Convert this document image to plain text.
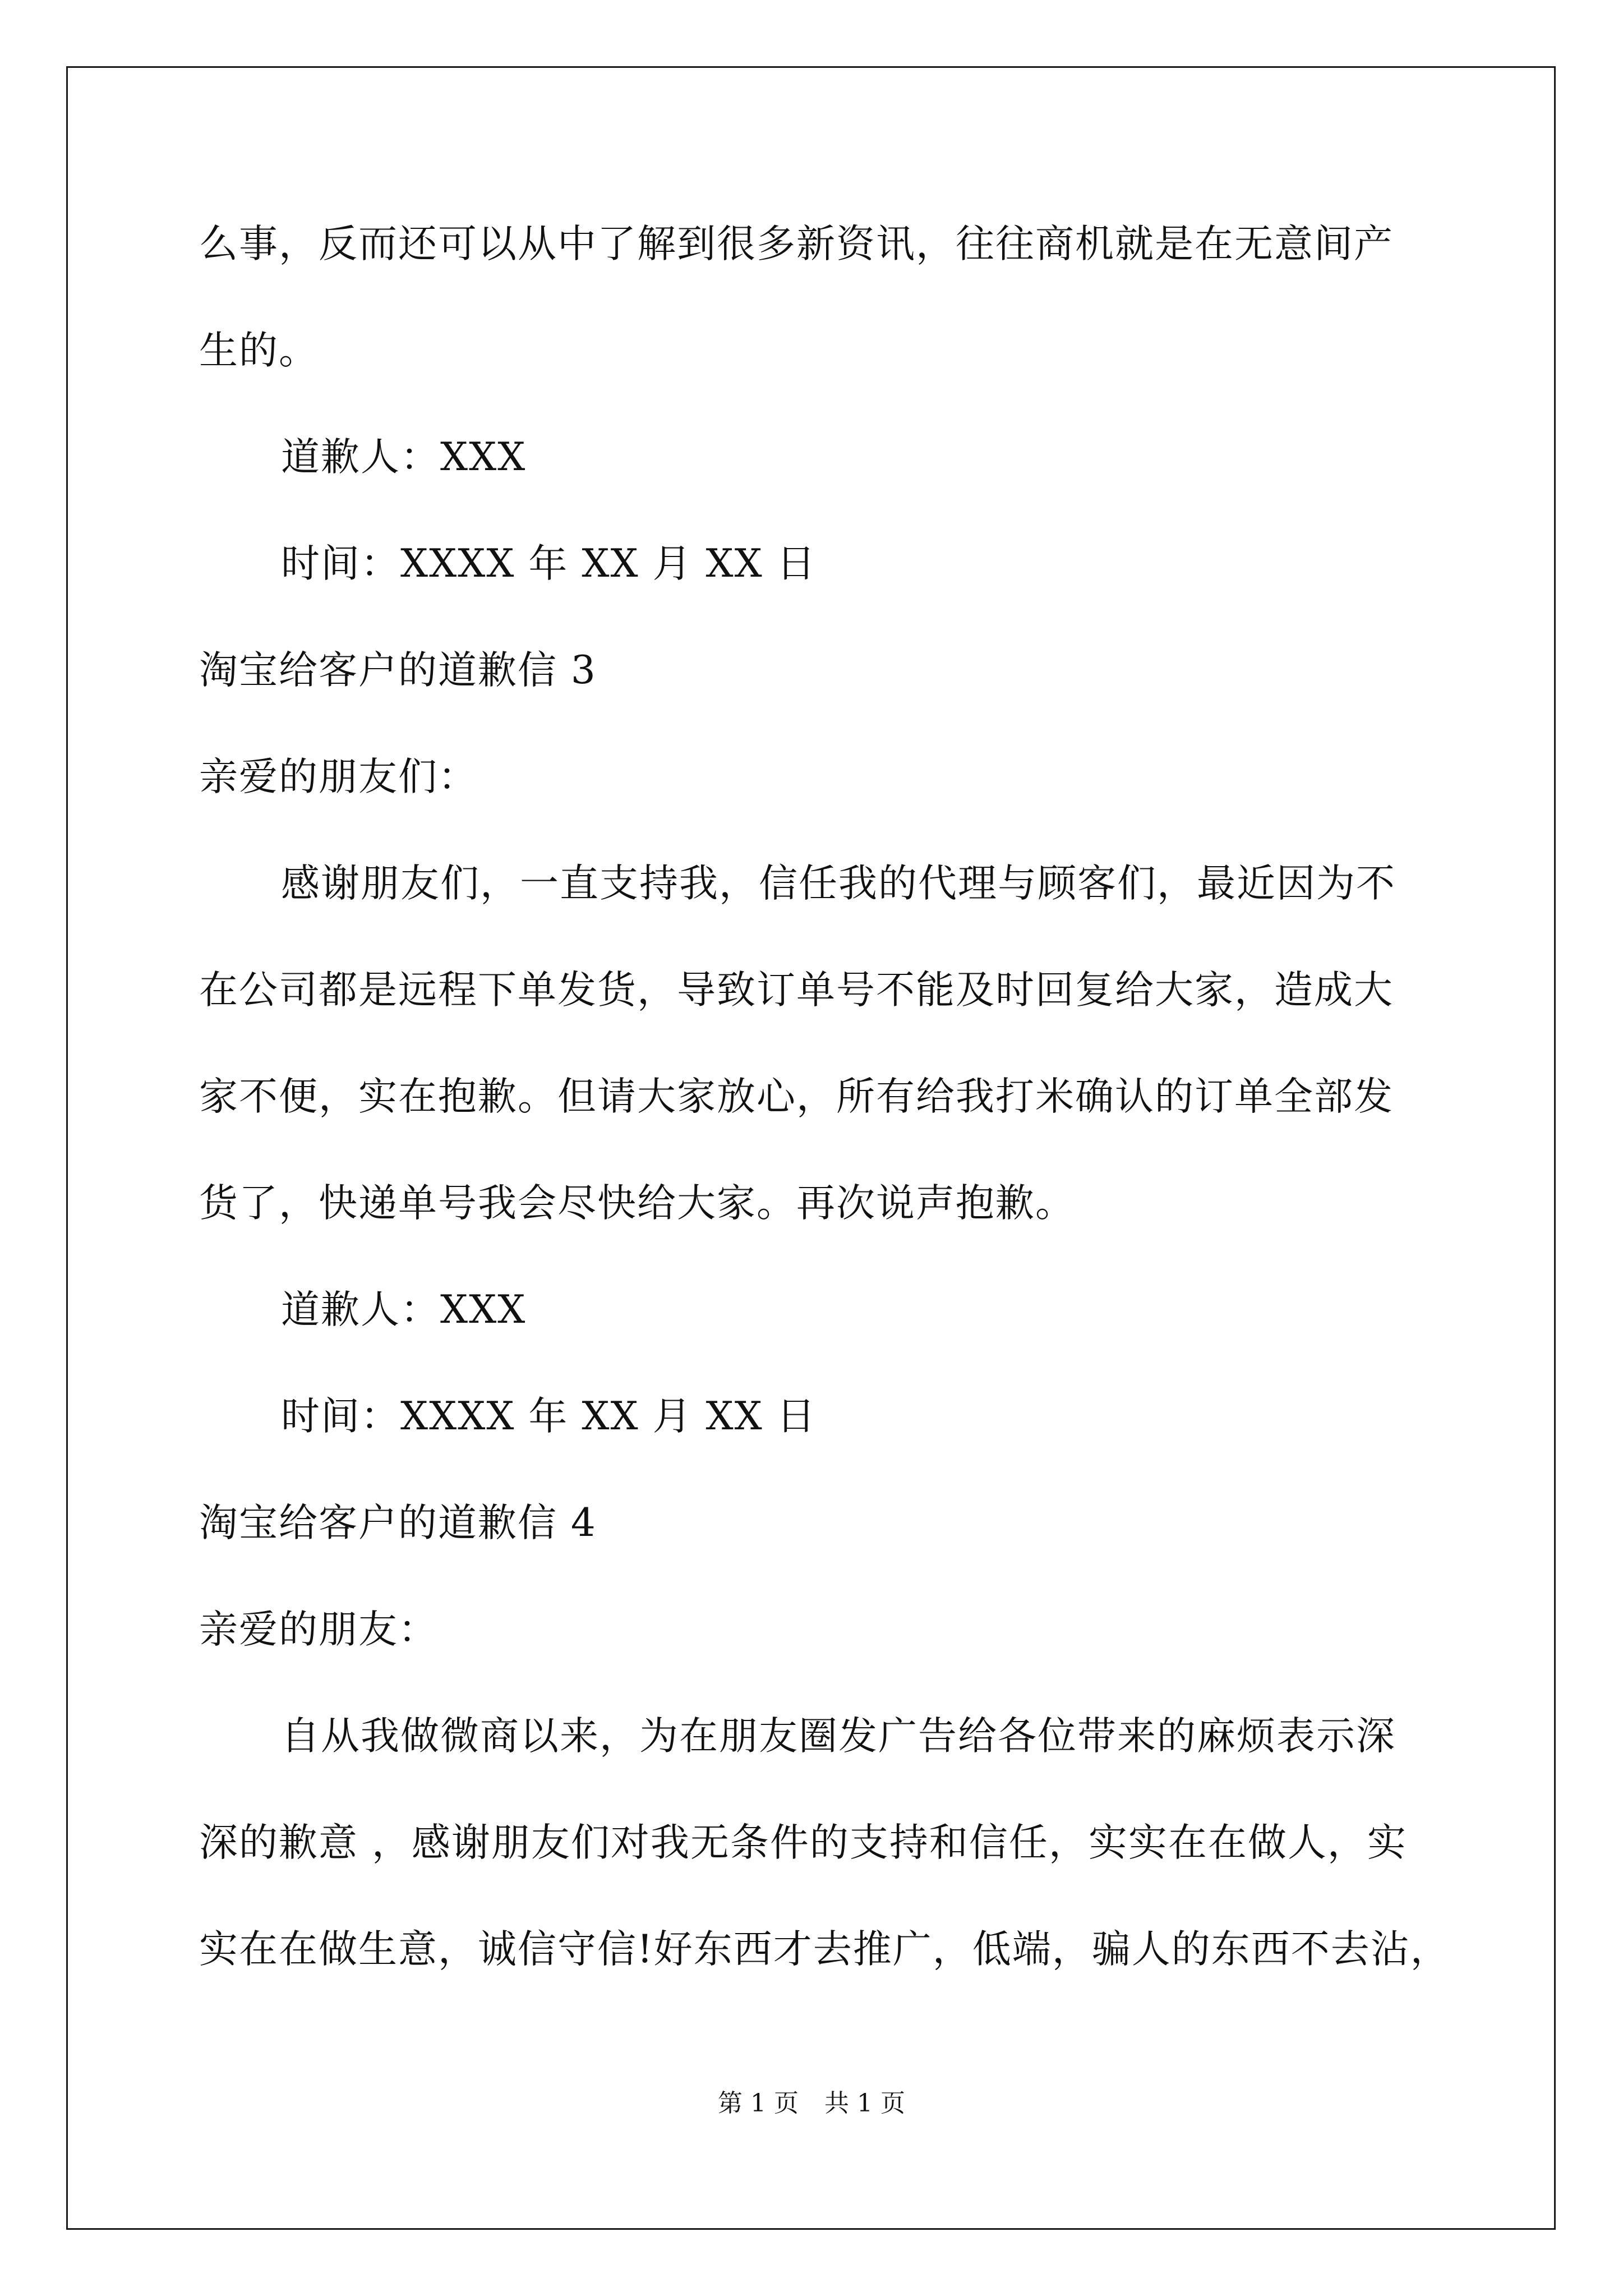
么事，反而还可以从中了解到很多新资讯，往往商机就是在无意间产
生的。
道歉人：XXX
时间：XXXX 年 XX 月 XX 日
淘宝给客户的道歉信 3
亲爱的朋友们：
感谢朋友们，一直支持我，信任我的代理与顾客们，最近因为不
在公司都是远程下单发货，导致订单号不能及时回复给大家，造成大
家不便，实在抱歉。但请大家放心，所有给我打米确认的订单全部发
货了，快递单号我会尽快给大家。再次说声抱歉。
道歉人：XXX
时间：XXXX 年 XX 月 XX 日
淘宝给客户的道歉信 4
亲爱的朋友：
自从我做微商以来，为在朋友圈发广告给各位带来的麻烦表示深
深的歉意 ，感谢朋友们对我无条件的支持和信任，实实在在做人，实
实在在做生意，诚信守信!好东西才去推广，低端，骗人的东西不去沾，
第 1 页 共 1 页
